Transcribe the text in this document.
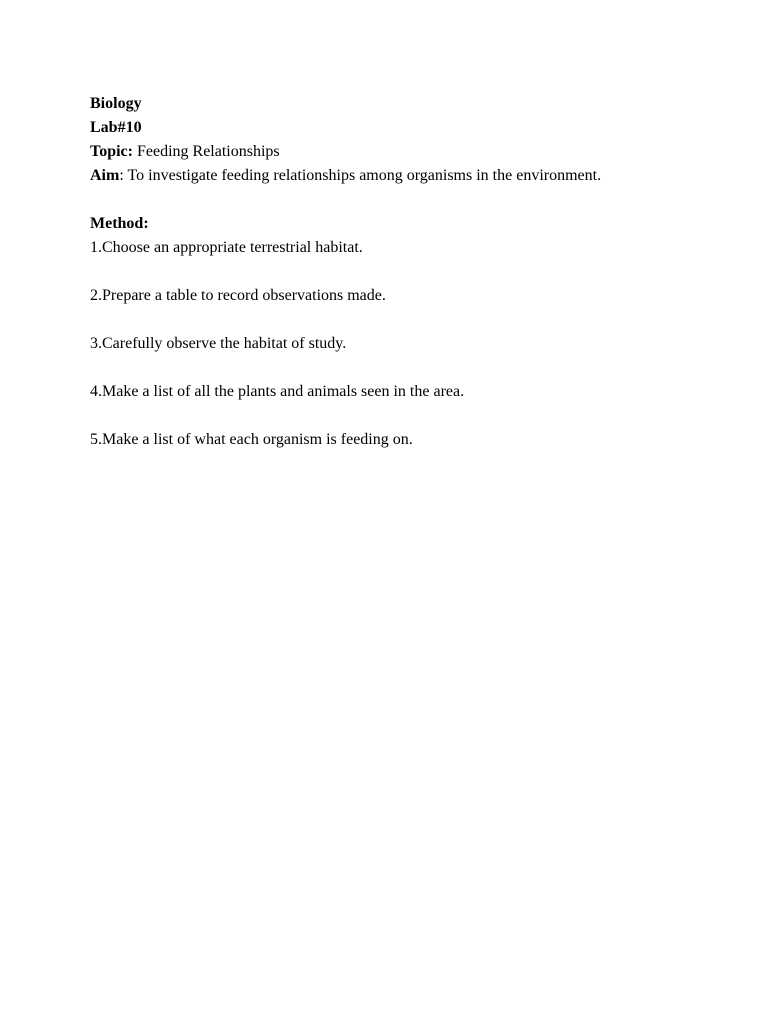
Biology
Lab#10
Topic: Feeding Relationships
Aim: To investigate feeding relationships among organisms in the environment.
Method:
1.Choose an appropriate terrestrial habitat.
2.Prepare a table to record observations made.
3.Carefully observe the habitat of study.
4.Make a list of all the plants and animals seen in the area.
5.Make a list of what each organism is feeding on.
